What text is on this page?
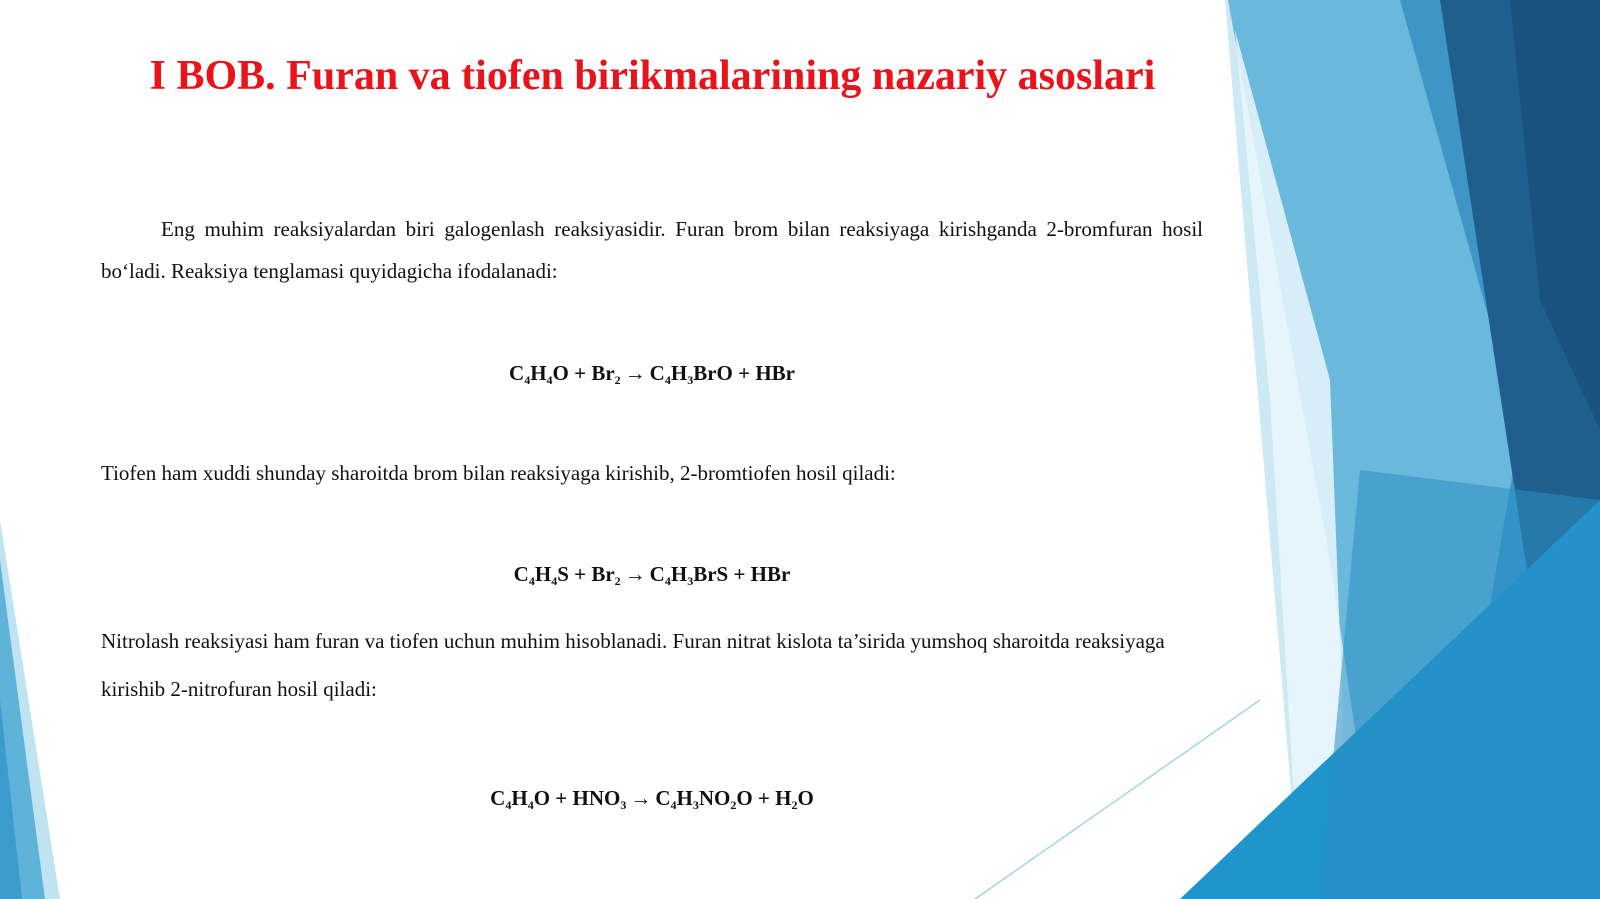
I BOB. Furan va tiofen birikmalarining nazariy asoslari

Eng muhim reaksiyalardan biri galogenlash reaksiyasidir. Furan brom bilan reaksiyaga kirishganda 2-bromfuran hosil bo‘ladi. Reaksiya tenglamasi quyidagicha ifodalanadi:

$C_4H_4O + Br_2 \to C_4H_3BrO$ + HBr

Tiofen ham xuddi shunday sharoitda brom bilan reaksiyaga kirishib, 2-bromtiofen hosil qiladi:

$C_4H_4S + Br_2 \to C_4H_3BrS$ + HBr

Nitrolash reaksiyasi ham furan va tiofen uchun muhim hisoblanadi. Furan nitrat kislota ta’sirida yumshoq sharoitda reaksiyaga kirishib 2-nitrofuran hosil qiladi:

$C_4H_4O + HNO_3 \to C_4H_3NO_2O + H_2O$
